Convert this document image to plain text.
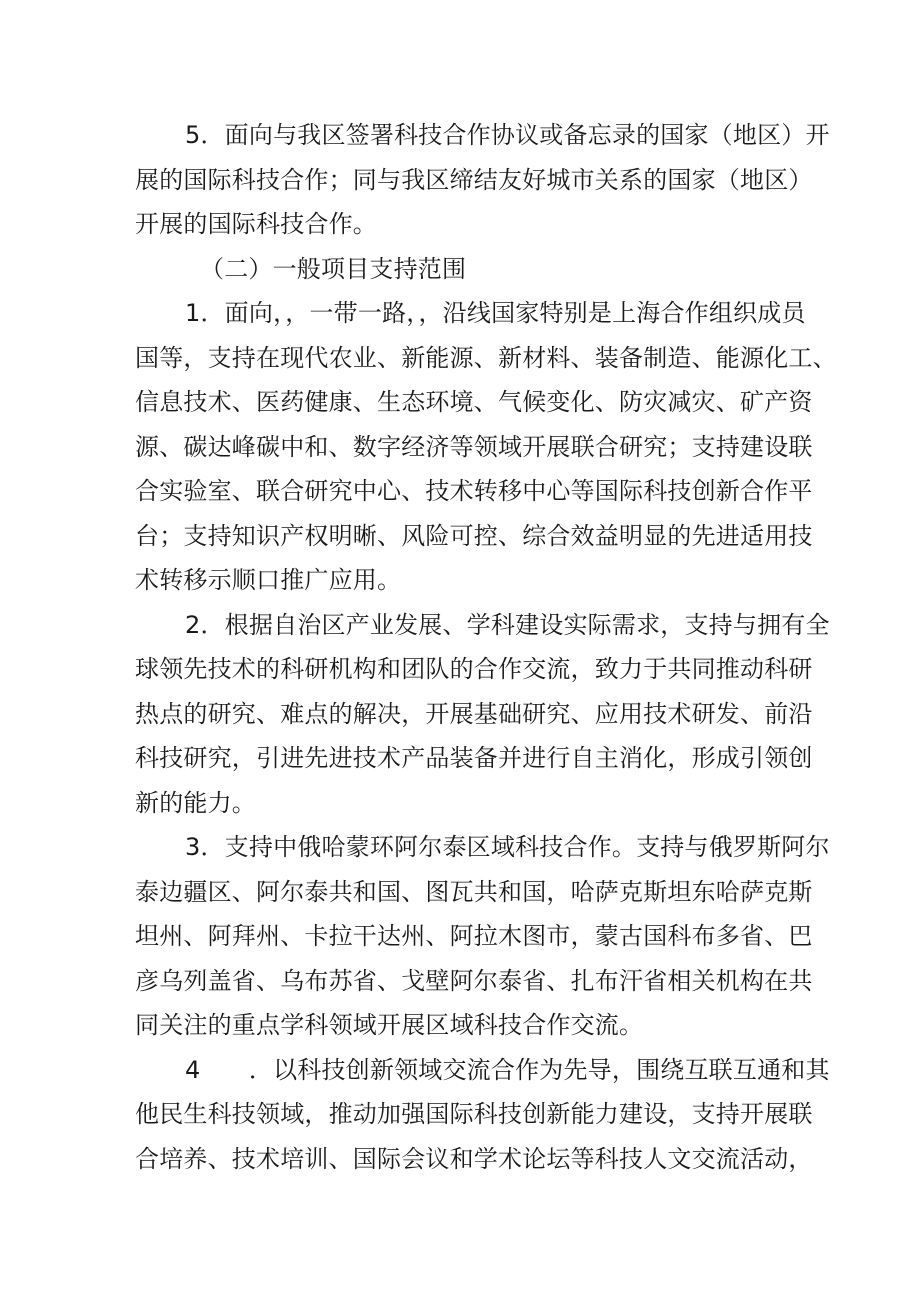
5．面向与我区签署科技合作协议或备忘录的国家（地区）开
展的国际科技合作；同与我区缔结友好城市关系的国家（地区）
开展的国际科技合作。
（二）一般项目支持范围
1．面向，，一带一路，，沿线国家特别是上海合作组织成员
国等，支持在现代农业、新能源、新材料、装备制造、能源化工、
信息技术、医药健康、生态环境、气候变化、防灾减灾、矿产资
源、碳达峰碳中和、数字经济等领域开展联合研究；支持建设联
合实验室、联合研究中心、技术转移中心等国际科技创新合作平
台；支持知识产权明晰、风险可控、综合效益明显的先进适用技
术转移示顺口推广应用。
2．根据自治区产业发展、学科建设实际需求，支持与拥有全
球领先技术的科研机构和团队的合作交流，致力于共同推动科研
热点的研究、难点的解决，开展基础研究、应用技术研发、前沿
科技研究，引进先进技术产品装备并进行自主消化，形成引领创
新的能力。
3．支持中俄哈蒙环阿尔泰区域科技合作。支持与俄罗斯阿尔
泰边疆区、阿尔泰共和国、图瓦共和国，哈萨克斯坦东哈萨克斯
坦州、阿拜州、卡拉干达州、阿拉木图市，蒙古国科布多省、巴
彦乌列盖省、乌布苏省、戈壁阿尔泰省、扎布汗省相关机构在共
同关注的重点学科领域开展区域科技合作交流。
4　　．以科技创新领域交流合作为先导，围绕互联互通和其
他民生科技领域，推动加强国际科技创新能力建设，支持开展联
合培养、技术培训、国际会议和学术论坛等科技人文交流活动，
